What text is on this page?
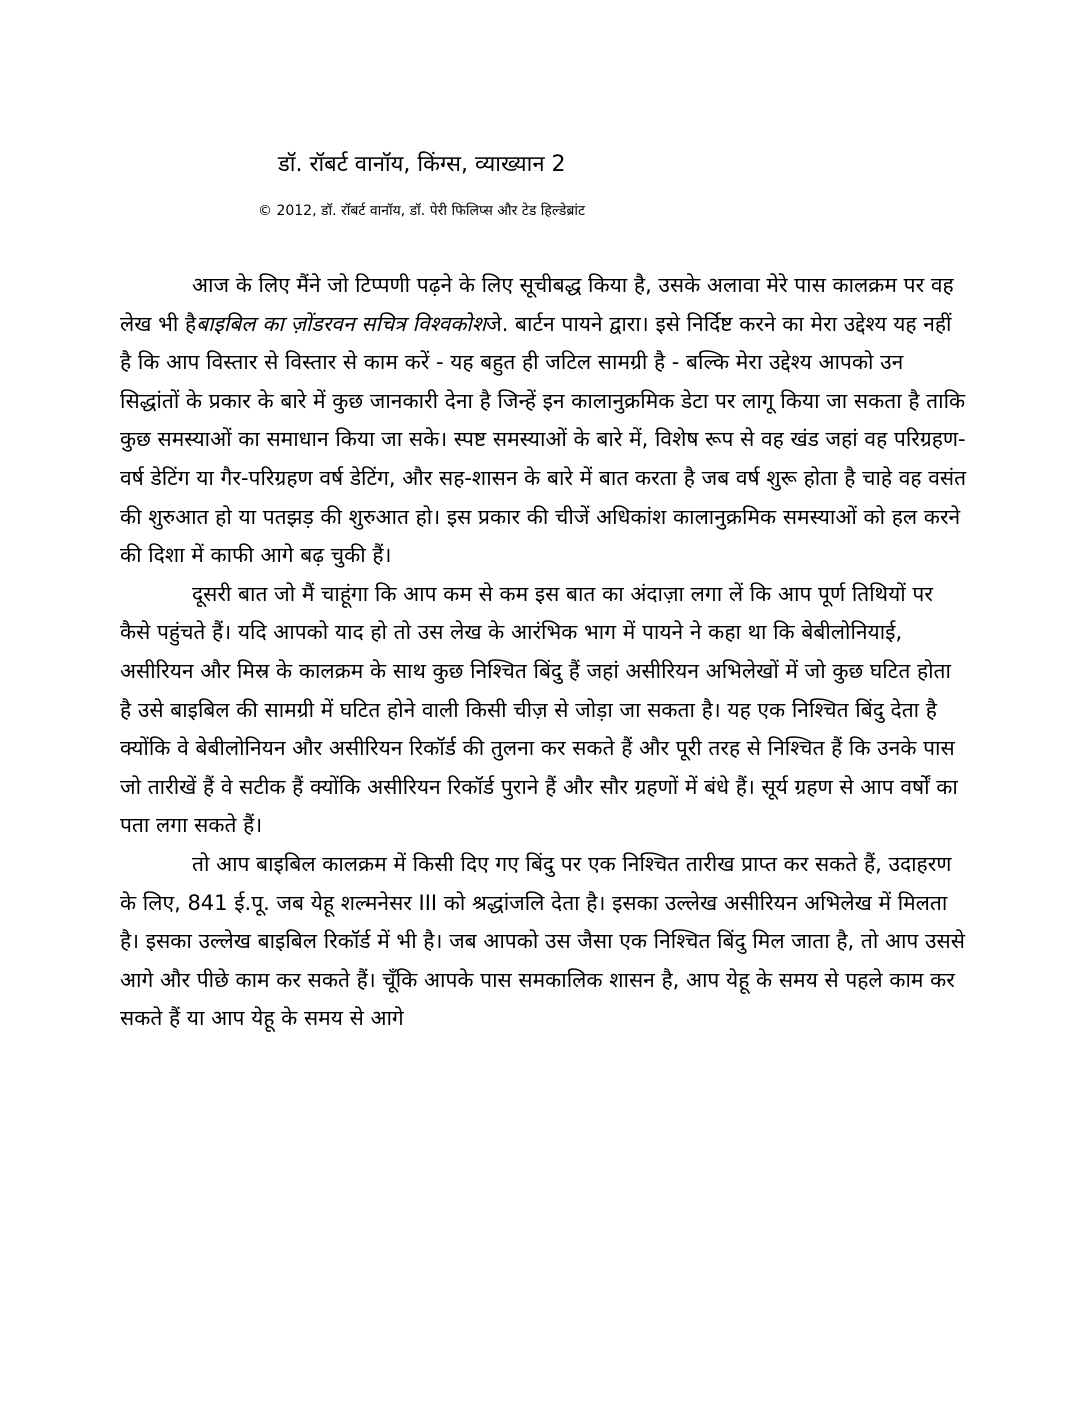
डॉ. रॉबर्ट वानॉय, किंग्स, व्याख्यान 2
© 2012, डॉ. रॉबर्ट वानॉय, डॉ. पेरी फिलिप्स और टेड हिल्डेब्रांट

आज के लिए मैंने जो टिप्पणी पढ़ने के लिए सूचीबद्ध किया है, उसके अलावा मेरे पास कालक्रम पर वह लेख भी हैबाइबिल का ज़ोंडरवन सचित्र विश्वकोशजे. बार्टन पायने द्वारा। इसे निर्दिष्ट करने का मेरा उद्देश्य यह नहीं है कि आप विस्तार से विस्तार से काम करें - यह बहुत ही जटिल सामग्री है - बल्कि मेरा उद्देश्य आपको उन सिद्धांतों के प्रकार के बारे में कुछ जानकारी देना है जिन्हें इन कालानुक्रमिक डेटा पर लागू किया जा सकता है ताकि कुछ समस्याओं का समाधान किया जा सके। स्पष्ट समस्याओं के बारे में, विशेष रूप से वह खंड जहां वह परिग्रहण-वर्ष डेटिंग या गैर-परिग्रहण वर्ष डेटिंग, और सह-शासन के बारे में बात करता है जब वर्ष शुरू होता है चाहे वह वसंत की शुरुआत हो या पतझड़ की शुरुआत हो। इस प्रकार की चीजें अधिकांश कालानुक्रमिक समस्याओं को हल करने की दिशा में काफी आगे बढ़ चुकी हैं।

दूसरी बात जो मैं चाहूंगा कि आप कम से कम इस बात का अंदाज़ा लगा लें कि आप पूर्ण तिथियों पर कैसे पहुंचते हैं। यदि आपको याद हो तो उस लेख के आरंभिक भाग में पायने ने कहा था कि बेबीलोनियाई, असीरियन और मिस्र के कालक्रम के साथ कुछ निश्चित बिंदु हैं जहां असीरियन अभिलेखों में जो कुछ घटित होता है उसे बाइबिल की सामग्री में घटित होने वाली किसी चीज़ से जोड़ा जा सकता है। यह एक निश्चित बिंदु देता है क्योंकि वे बेबीलोनियन और असीरियन रिकॉर्ड की तुलना कर सकते हैं और पूरी तरह से निश्चित हैं कि उनके पास जो तारीखें हैं वे सटीक हैं क्योंकि असीरियन रिकॉर्ड पुराने हैं और सौर ग्रहणों में बंधे हैं। सूर्य ग्रहण से आप वर्षों का पता लगा सकते हैं।

तो आप बाइबिल कालक्रम में किसी दिए गए बिंदु पर एक निश्चित तारीख प्राप्त कर सकते हैं, उदाहरण के लिए, 841 ई.पू. जब येहू शल्मनेसर III को श्रद्धांजलि देता है। इसका उल्लेख असीरियन अभिलेख में मिलता है। इसका उल्लेख बाइबिल रिकॉर्ड में भी है। जब आपको उस जैसा एक निश्चित बिंदु मिल जाता है, तो आप उससे आगे और पीछे काम कर सकते हैं। चूँकि आपके पास समकालिक शासन है, आप येहू के समय से पहले काम कर सकते हैं या आप येहू के समय से आगे
